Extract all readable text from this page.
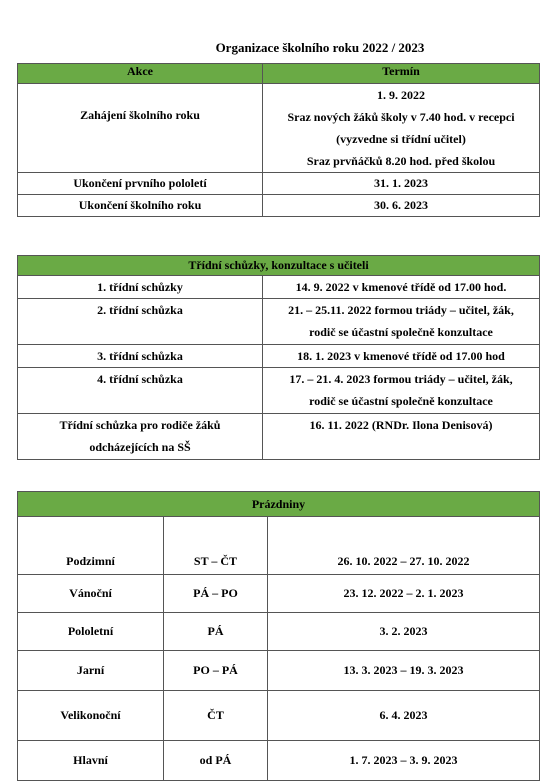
Organizace školního roku 2022 / 2023
Akce	Termín
Zahájení školního roku	1. 9. 2022
Sraz nových žáků školy v 7.40 hod. v recepci
(vyzvedne si třídní učitel)
Sraz prvňáčků 8.20 hod. před školou

Ukončení prvního pololetí	31. 1. 2023
Ukončení školního roku	30. 6. 2023
Třídní schůzky, konzultace s učiteli	

1. třídní schůzky	14. 9. 2022 v kmenové třídě od 17.00 hod.

2. třídní schůzka	21. – 25.11. 2022 formou triády – učitel, žák,
rodič se účastní společně konzultace

3. třídní schůzka	18. 1. 2023 v kmenové třídě od 17.00 hod

4. třídní schůzka	17. – 21. 4. 2023 formou triády – učitel, žák,
rodič se účastní společně konzultace

Třídní schůzka pro rodiče žáků
odcházejících na SŠ	16. 11. 2022 (RNDr. Ilona Denisová)
Prázdniny		
Podzimní	ST – ČT	26. 10. 2022 – 27. 10. 2022
Vánoční	PÁ – PO	23. 12. 2022 – 2. 1. 2023
Pololetní	PÁ	3. 2. 2023
Jarní	PO – PÁ	13. 3. 2023 – 19. 3. 2023
Velikonoční	ČT	6. 4. 2023
Hlavní	od PÁ	1. 7. 2023 – 3. 9. 2023
